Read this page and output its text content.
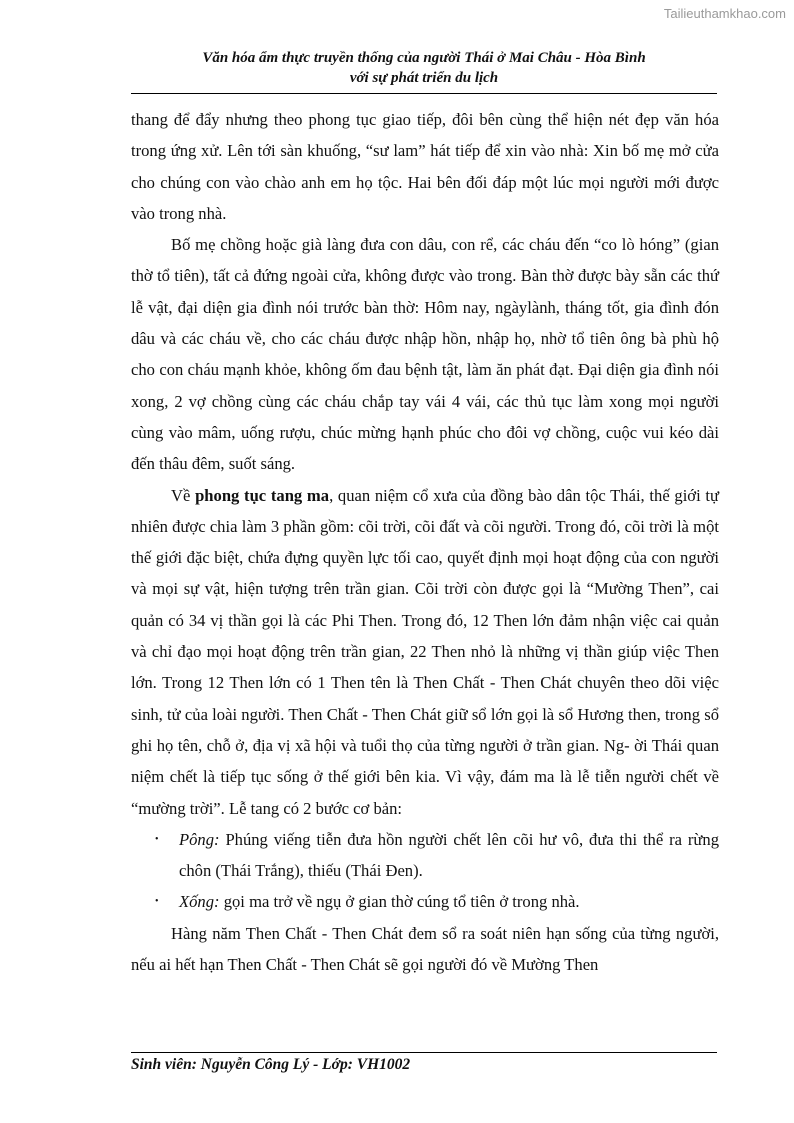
Tailieuthamkhao.com
Văn hóa ẩm thực truyền thống của người Thái ở Mai Châu - Hòa Bình
với sự phát triển du lịch

thang để đẩy nhưng theo phong tục giao tiếp, đôi bên cùng thể hiện nét đẹp văn hóa trong ứng xử. Lên tới sàn khuống, “sư lam” hát tiếp để xin vào nhà: Xin bố mẹ mở cửa cho chúng con vào chào anh em họ tộc. Hai bên đối đáp một lúc mọi người mới được vào trong nhà.

Bố mẹ chồng hoặc già làng đưa con dâu, con rể, các cháu đến “co lò hóng” (gian thờ tổ tiên), tất cả đứng ngoài cửa, không được vào trong. Bàn thờ được bày sẵn các thứ lễ vật, đại diện gia đình nói trước bàn thờ: Hôm nay, ngàylành, tháng tốt, gia đình đón dâu và các cháu về, cho các cháu được nhập hồn, nhập họ, nhờ tổ tiên ông bà phù hộ cho con cháu mạnh khỏe, không ốm đau bệnh tật, làm ăn phát đạt. Đại diện gia đình nói xong, 2 vợ chồng cùng các cháu chắp tay vái 4 vái, các thủ tục làm xong mọi người cùng vào mâm, uống rượu, chúc mừng hạnh phúc cho đôi vợ chồng, cuộc vui kéo dài đến thâu đêm, suốt sáng.

Về phong tục tang ma, quan niệm cổ xưa của đồng bào dân tộc Thái, thế giới tự nhiên được chia làm 3 phần gồm: cõi trời, cõi đất và cõi người. Trong đó, cõi trời là một thế giới đặc biệt, chứa đựng quyền lực tối cao, quyết định mọi hoạt động của con người và mọi sự vật, hiện tượng trên trần gian. Cõi trời còn được gọi là “Mường Then”, cai quản có 34 vị thần gọi là các Phi Then. Trong đó, 12 Then lớn đảm nhận việc cai quản và chỉ đạo mọi hoạt động trên trần gian, 22 Then nhỏ là những vị thần giúp việc Then lớn. Trong 12 Then lớn có 1 Then tên là Then Chất - Then Chát chuyên theo dõi việc sinh, tử của loài người. Then Chất - Then Chát giữ sổ lớn gọi là sổ Hương then, trong sổ ghi họ tên, chỗ ở, địa vị xã hội và tuổi thọ của từng người ở trần gian. Ng- ời Thái quan niệm chết là tiếp tục sống ở thế giới bên kia. Vì vậy, đám ma là lễ tiễn người chết về “mường trời”. Lễ tang có 2 bước cơ bản:

• Pông: Phúng viếng tiễn đưa hồn người chết lên cõi hư vô, đưa thi thể ra rừng chôn (Thái Trắng), thiếu (Thái Đen).

• Xống: gọi ma trở về ngụ ở gian thờ cúng tổ tiên ở trong nhà.

Hàng năm Then Chất - Then Chát đem sổ ra soát niên hạn sống của từng người, nếu ai hết hạn Then Chất - Then Chát sẽ gọi người đó về Mường Then

Sinh viên: Nguyễn Công Lý - Lớp: VH1002
